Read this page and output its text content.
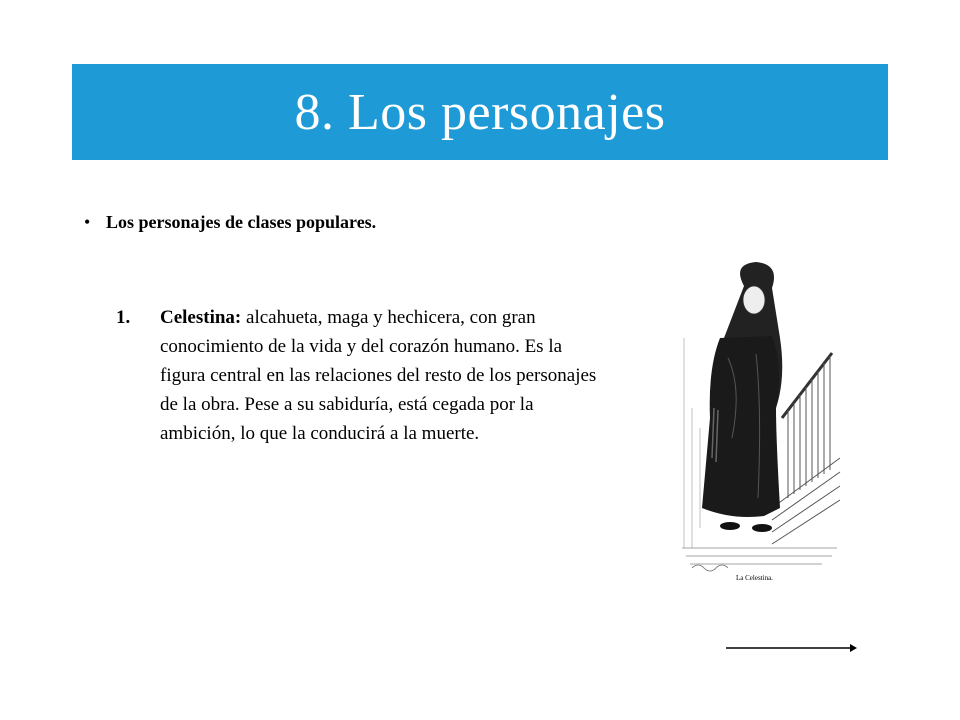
8. Los personajes
• Los personajes de clases populares.
1.	Celestina: alcahueta, maga y hechicera, con gran conocimiento de la vida y del corazón humano. Es la figura central en las relaciones del resto de los personajes de la obra. Pese a su sabiduría, está cegada por la ambición, lo que la conducirá a la muerte.
La Celestina.
